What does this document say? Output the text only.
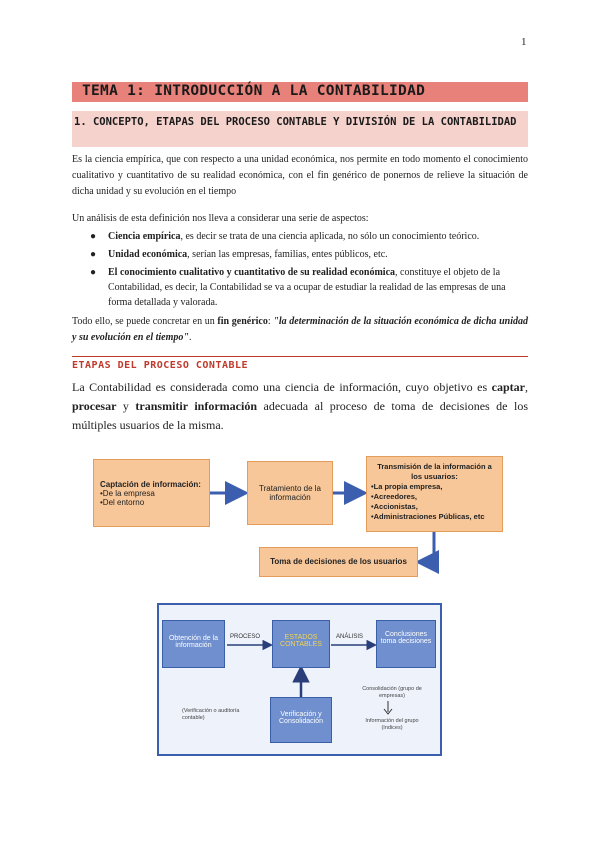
1
TEMA 1: INTRODUCCIÓN A LA CONTABILIDAD
1. CONCEPTO, ETAPAS DEL PROCESO CONTABLE Y DIVISIÓN DE LA CONTABILIDAD

Es la ciencia empírica, que con respecto a una unidad económica, nos permite en todo momento el conocimiento cualitativo y cuantitativo de su realidad económica, con el fin genérico de ponernos de relieve la situación de dicha unidad y su evolución en el tiempo

Un análisis de esta definición nos lleva a considerar una serie de aspectos:

●	Ciencia empírica, es decir se trata de una ciencia aplicada, no sólo un conocimiento teórico.
●	Unidad económica, serían las empresas, familias, entes públicos, etc.
●	El conocimiento cualitativo y cuantitativo de su realidad económica, constituye el objeto de la Contabilidad, es decir, la Contabilidad se va a ocupar de estudiar la realidad de las empresas de una forma detallada y valorada.

Todo ello, se puede concretar en un fin genérico: "la determinación de la situación económica de dicha unidad y su evolución en el tiempo".

ETAPAS DEL PROCESO CONTABLE

La Contabilidad es considerada como una ciencia de información, cuyo objetivo es captar, procesar y transmitir información adecuada al proceso de toma de decisiones de los múltiples usuarios de la misma.

Captación de información:
•De la empresa
•Del entorno
Tratamiento de la información
Transmisión de la información a los usuarios:
•La propia empresa,
•Acreedores,
•Accionistas,
•Administraciones Públicas, etc
Toma de decisiones de los usuarios
Obtención de la información
PROCESO	ESTADOS CONTABLES
ANÁLISIS	Conclusiones toma decisiones
Verificación y Consolidación
(Verificación o auditoría contable)
Consolidación (grupo de empresas)
Información del grupo (índices)
